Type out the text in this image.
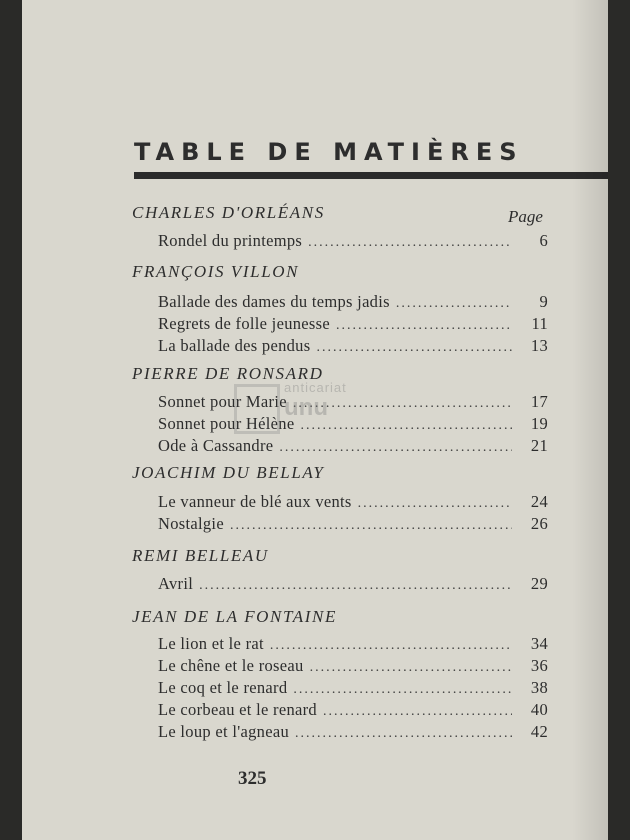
TABLE DE MATIÈRES
Page
CHARLES D'ORLÉANS
Rondel du printemps .....	6
FRANÇOIS VILLON
Ballade des dames du temps jadis .....	9
Regrets de folle jeunesse .....	11
La ballade des pendus .....	13
PIERRE DE RONSARD
Sonnet pour Marie .....	17
Sonnet pour Hélène .....	19
Ode à Cassandre .....	21
JOACHIM DU BELLAY
Le vanneur de blé aux vents .....	24
Nostalgie .....	26
REMI BELLEAU
Avril .....	29
JEAN DE LA FONTAINE
Le lion et le rat .....	34
Le chêne et le roseau .....	36
Le coq et le renard .....	38
Le corbeau et le renard .....	40
Le loup et l'agneau .....	42
325
anticariat
unu
